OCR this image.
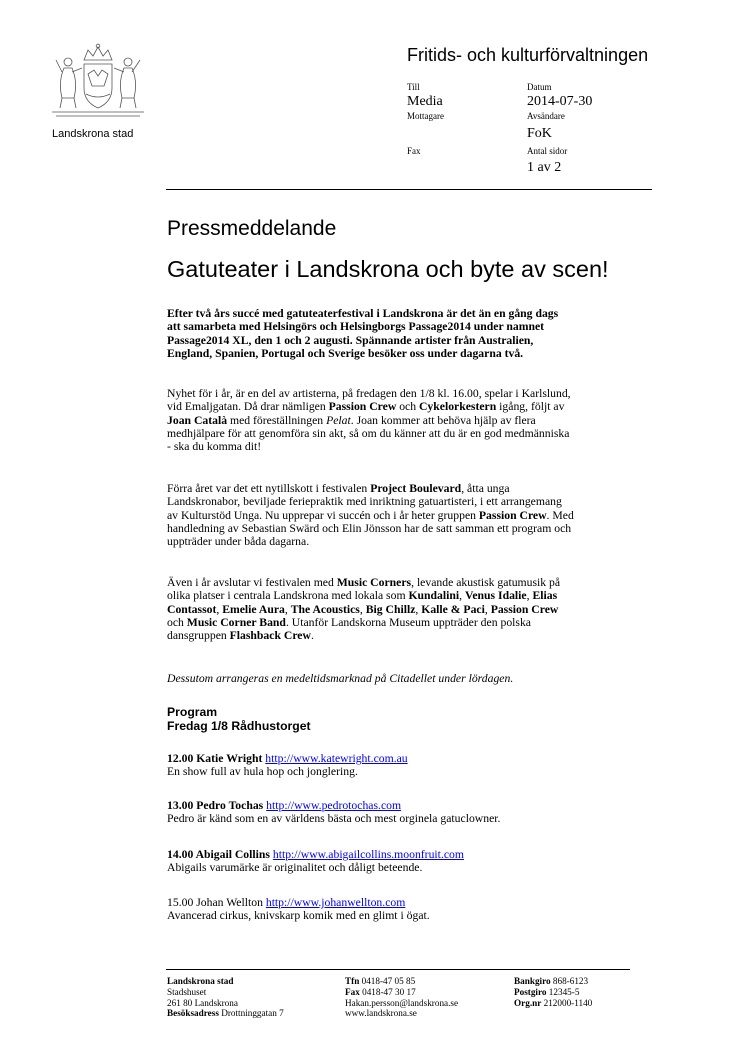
Landskrona stad
Fritids- och kulturförvaltningen
Till
Media
Mottagare
Fax
Datum
2014-07-30
Avsändare
FoK
Antal sidor
1 av 2
Pressmeddelande
Gatuteater i Landskrona och byte av scen!

Efter två års succé med gatuteaterfestival i Landskrona är det än en gång dags

att samarbeta med Helsingörs och Helsingborgs Passage2014 under namnet

Passage2014 XL, den 1 och 2 augusti. Spännande artister från Australien,

England, Spanien, Portugal och Sverige besöker oss under dagarna två.

Nyhet för i år, är en del av artisterna, på fredagen den 1/8 kl. 16.00, spelar i Karlslund,

vid Emaljgatan. Då drar nämligen Passion Crew och Cykelorkestern igång, följt av

Joan Català med föreställningen Pelat. Joan kommer att behöva hjälp av flera

medhjälpare för att genomföra sin akt, så om du känner att du är en god medmänniska

- ska du komma dit!

Förra året var det ett nytillskott i festivalen Project Boulevard, åtta unga

Landskronabor, beviljade feriepraktik med inriktning gatuartisteri, i ett arrangemang

av Kulturstöd Unga. Nu upprepar vi succén och i år heter gruppen Passion Crew. Med

handledning av Sebastian Swärd och Elin Jönsson har de satt samman ett program och

uppträder under båda dagarna.

Även i år avslutar vi festivalen med Music Corners, levande akustisk gatumusik på

olika platser i centrala Landskrona med lokala som Kundalini, Venus Idalie, Elias

Contassot, Emelie Aura, The Acoustics, Big Chillz, Kalle & Paci, Passion Crew

och Music Corner Band. Utanför Landskorna Museum uppträder den polska

dansgruppen Flashback Crew.

Dessutom arrangeras en medeltidsmarknad på Citadellet under lördagen.
Program
Fredag 1/8 Rådhustorget
12.00 Katie Wright http://www.katewright.com.au
En show full av hula hop och jonglering.
13.00 Pedro Tochas http://www.pedrotochas.com
Pedro är känd som en av världens bästa och mest orginela gatuclowner.
14.00 Abigail Collins http://www.abigailcollins.moonfruit.com
Abigails varumärke är originalitet och dåligt beteende.
15.00 Johan Wellton http://www.johanwellton.com
Avancerad cirkus, knivskarp komik med en glimt i ögat.
Landskrona stad
Stadshuset
261 80 Landskrona
Besöksadress Drottninggatan 7
Tfn 0418-47 05 85
Fax 0418-47 30 17
Hakan.persson@landskrona.se
www.landskrona.se
Bankgiro 868-6123
Postgiro 12345-5
Org.nr 212000-1140
